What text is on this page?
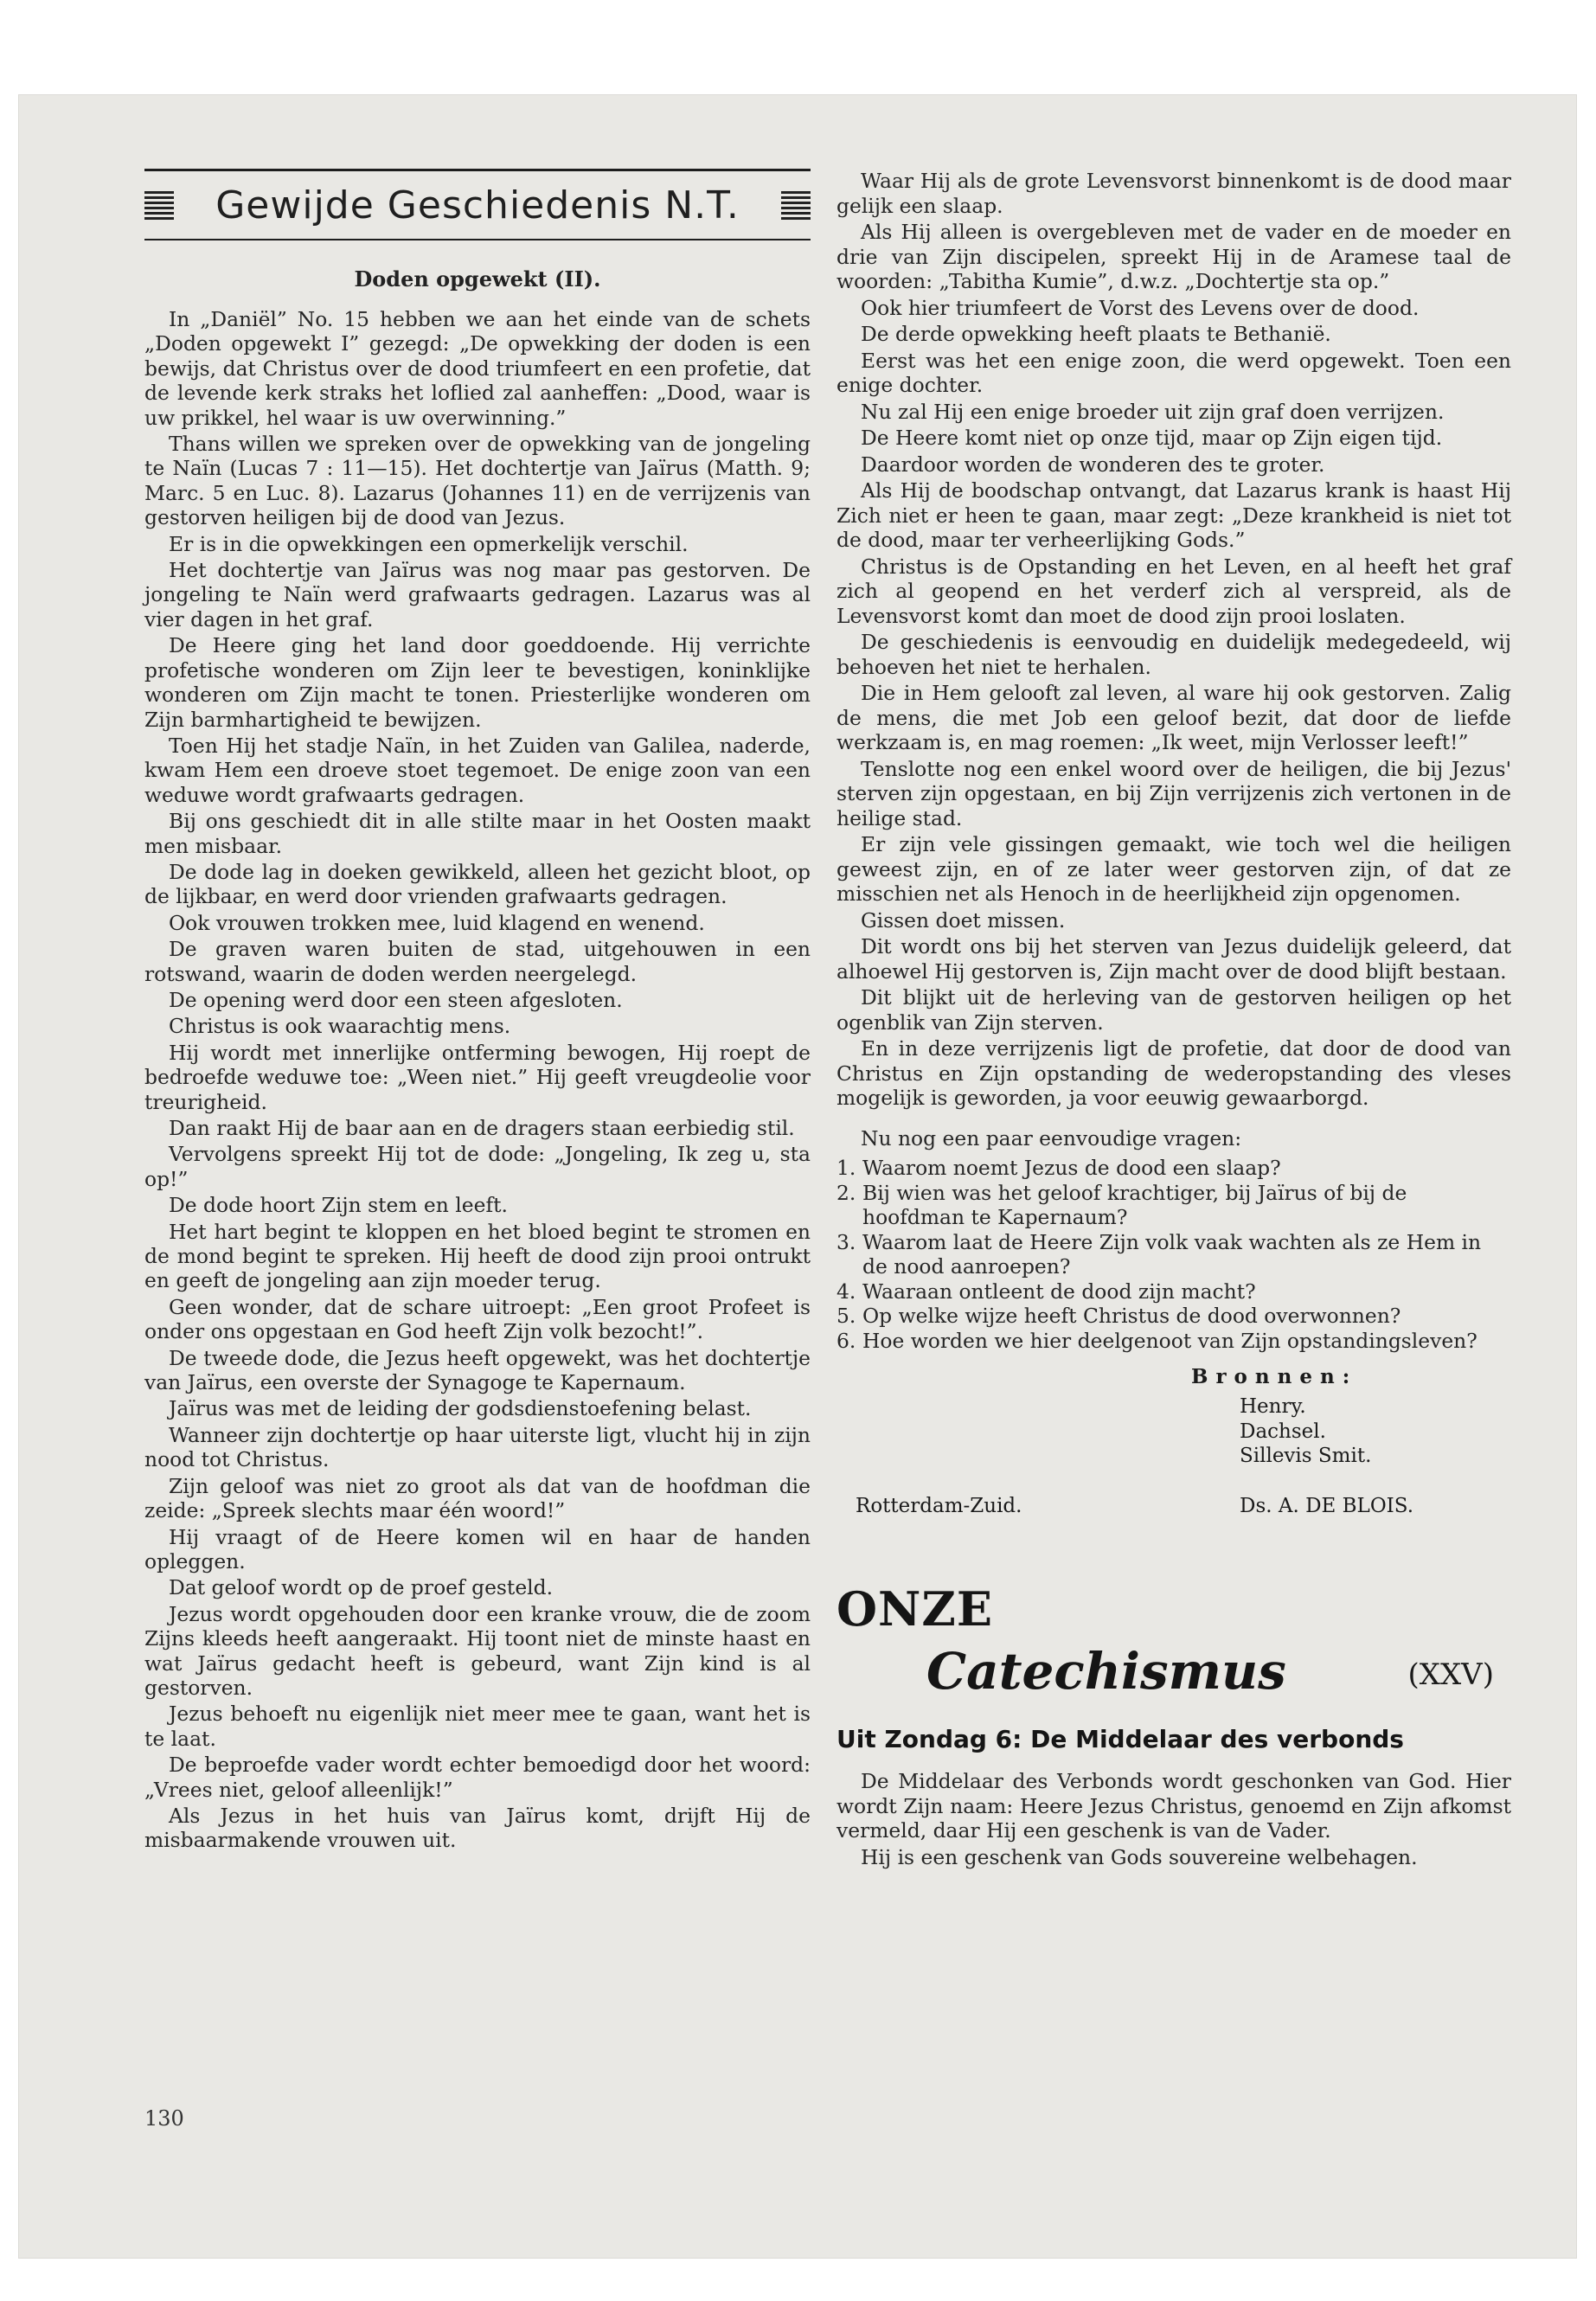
Gewijde Geschiedenis N.T.
Doden opgewekt (II).

In „Daniël” No. 15 hebben we aan het einde van de schets „Doden opgewekt I” gezegd: „De opwekking der doden is een bewijs, dat Christus over de dood triumfeert en een profetie, dat de levende kerk straks het loflied zal aanheffen: „Dood, waar is uw prikkel, hel waar is uw overwinning.”

Thans willen we spreken over de opwekking van de jongeling te Naïn (Lucas 7 : 11—15). Het dochtertje van Jaïrus (Matth. 9; Marc. 5 en Luc. 8). Lazarus (Johannes 11) en de verrijzenis van gestorven heiligen bij de dood van Jezus.

Er is in die opwekkingen een opmerkelijk verschil.

Het dochtertje van Jaïrus was nog maar pas gestorven. De jongeling te Naïn werd grafwaarts gedragen. Lazarus was al vier dagen in het graf.

De Heere ging het land door goeddoende. Hij verrichte profetische wonderen om Zijn leer te bevestigen, koninklijke wonderen om Zijn macht te tonen. Priesterlijke wonderen om Zijn barmhartigheid te bewijzen.

Toen Hij het stadje Naïn, in het Zuiden van Galilea, naderde, kwam Hem een droeve stoet tegemoet. De enige zoon van een weduwe wordt grafwaarts gedragen.

Bij ons geschiedt dit in alle stilte maar in het Oosten maakt men misbaar.

De dode lag in doeken gewikkeld, alleen het gezicht bloot, op de lijkbaar, en werd door vrienden grafwaarts gedragen.

Ook vrouwen trokken mee, luid klagend en wenend.

De graven waren buiten de stad, uitgehouwen in een rotswand, waarin de doden werden neergelegd.

De opening werd door een steen afgesloten.

Christus is ook waarachtig mens.

Hij wordt met innerlijke ontferming bewogen, Hij roept de bedroefde weduwe toe: „Ween niet.” Hij geeft vreugdeolie voor treurigheid.

Dan raakt Hij de baar aan en de dragers staan eerbiedig stil.

Vervolgens spreekt Hij tot de dode: „Jongeling, Ik zeg u, sta op!”

De dode hoort Zijn stem en leeft.

Het hart begint te kloppen en het bloed begint te stromen en de mond begint te spreken. Hij heeft de dood zijn prooi ontrukt en geeft de jongeling aan zijn moeder terug.

Geen wonder, dat de schare uitroept: „Een groot Profeet is onder ons opgestaan en God heeft Zijn volk bezocht!”.

De tweede dode, die Jezus heeft opgewekt, was het dochtertje van Jaïrus, een overste der Synagoge te Kapernaum.

Jaïrus was met de leiding der godsdienstoefening belast.

Wanneer zijn dochtertje op haar uiterste ligt, vlucht hij in zijn nood tot Christus.

Zijn geloof was niet zo groot als dat van de hoofdman die zeide: „Spreek slechts maar één woord!”

Hij vraagt of de Heere komen wil en haar de handen opleggen.

Dat geloof wordt op de proef gesteld.

Jezus wordt opgehouden door een kranke vrouw, die de zoom Zijns kleeds heeft aangeraakt. Hij toont niet de minste haast en wat Jaïrus gedacht heeft is gebeurd, want Zijn kind is al gestorven.

Jezus behoeft nu eigenlijk niet meer mee te gaan, want het is te laat.

De beproefde vader wordt echter bemoedigd door het woord: „Vrees niet, geloof alleenlijk!”

Als Jezus in het huis van Jaïrus komt, drijft Hij de misbaarmakende vrouwen uit.

Waar Hij als de grote Levensvorst binnenkomt is de dood maar gelijk een slaap.

Als Hij alleen is overgebleven met de vader en de moeder en drie van Zijn discipelen, spreekt Hij in de Aramese taal de woorden: „Tabitha Kumie”, d.w.z. „Dochtertje sta op.”

Ook hier triumfeert de Vorst des Levens over de dood.

De derde opwekking heeft plaats te Bethanië.

Eerst was het een enige zoon, die werd opgewekt. Toen een enige dochter.

Nu zal Hij een enige broeder uit zijn graf doen verrijzen.

De Heere komt niet op onze tijd, maar op Zijn eigen tijd.

Daardoor worden de wonderen des te groter.

Als Hij de boodschap ontvangt, dat Lazarus krank is haast Hij Zich niet er heen te gaan, maar zegt: „Deze krankheid is niet tot de dood, maar ter verheerlijking Gods.”

Christus is de Opstanding en het Leven, en al heeft het graf zich al geopend en het verderf zich al verspreid, als de Levensvorst komt dan moet de dood zijn prooi loslaten.

De geschiedenis is eenvoudig en duidelijk medegedeeld, wij behoeven het niet te herhalen.

Die in Hem gelooft zal leven, al ware hij ook gestorven. Zalig de mens, die met Job een geloof bezit, dat door de liefde werkzaam is, en mag roemen: „Ik weet, mijn Verlosser leeft!”

Tenslotte nog een enkel woord over de heiligen, die bij Jezus' sterven zijn opgestaan, en bij Zijn verrijzenis zich vertonen in de heilige stad.

Er zijn vele gissingen gemaakt, wie toch wel die heiligen geweest zijn, en of ze later weer gestorven zijn, of dat ze misschien net als Henoch in de heerlijkheid zijn opgenomen.

Gissen doet missen.

Dit wordt ons bij het sterven van Jezus duidelijk geleerd, dat alhoewel Hij gestorven is, Zijn macht over de dood blijft bestaan.

Dit blijkt uit de herleving van de gestorven heiligen op het ogenblik van Zijn sterven.

En in deze verrijzenis ligt de profetie, dat door de dood van Christus en Zijn opstanding de wederopstanding des vleses mogelijk is geworden, ja voor eeuwig gewaarborgd.

Nu nog een paar eenvoudige vragen:

1. Waarom noemt Jezus de dood een slaap?
2. Bij wien was het geloof krachtiger, bij Jaïrus of bij de hoofdman te Kapernaum?
3. Waarom laat de Heere Zijn volk vaak wachten als ze Hem in de nood aanroepen?
4. Waaraan ontleent de dood zijn macht?
5. Op welke wijze heeft Christus de dood overwonnen?
6. Hoe worden we hier deelgenoot van Zijn opstandingsleven?
Bronnen:
Henry.
Dachsel.
Sillevis Smit.
Rotterdam-Zuid.	Ds. A. DE BLOIS.
ONZE
Catechismus	(XXV)
Uit Zondag 6: De Middelaar des verbonds

De Middelaar des Verbonds wordt geschonken van God. Hier wordt Zijn naam: Heere Jezus Christus, genoemd en Zijn afkomst vermeld, daar Hij een geschenk is van de Vader.

Hij is een geschenk van Gods souvereine welbehagen.

130
